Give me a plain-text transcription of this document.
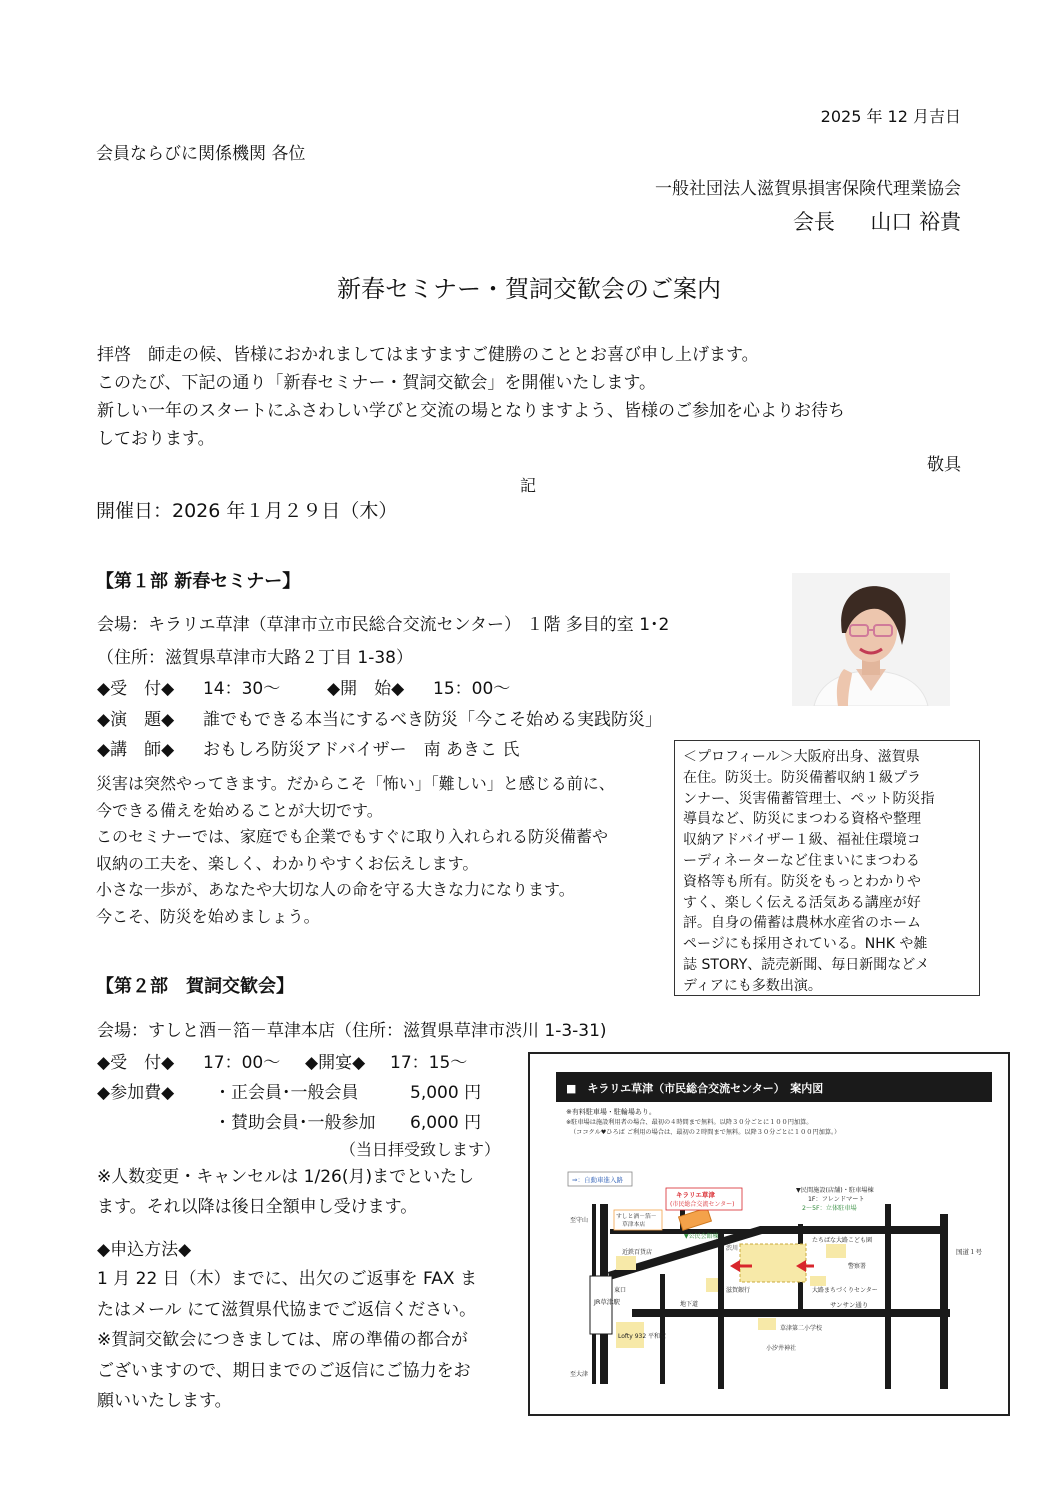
2025 年 12 月吉日
会員ならびに関係機関 各位
一般社団法人滋賀県損害保険代理業協会
会長 山口 裕貴
新春セミナー・賀詞交歓会のご案内

拝啓　師走の候、皆様におかれましてはますますご健勝のこととお喜び申し上げます。

このたび、下記の通り「新春セミナー・賀詞交歓会」を開催いたします。

新しい一年のスタートにふさわしい学びと交流の場となりますよう、皆様のご参加を心よりお待ち

しております。

敬具
記
開催日：2026 年１月２９日（木）
【第１部 新春セミナー】
会場：キラリエ草津（草津市立市民総合交流センター） １階 多目的室 1･2
（住所：滋賀県草津市大路２丁目 1-38）
◆受　付◆ 14：30～	◆開　始◆ 15：00～
◆演　題◆ 誰でもできる本当にするべき防災「今こそ始める実践防災」
◆講　師◆ おもしろ防災アドバイザー　南 あきこ 氏
災害は突然やってきます。だからこそ「怖い」「難しい」と感じる前に、
今できる備えを始めることが大切です。
このセミナーでは、家庭でも企業でもすぐに取り入れられる防災備蓄や
収納の工夫を、楽しく、わかりやすくお伝えします。
小さな一歩が、あなたや大切な人の命を守る大きな力になります。
今こそ、防災を始めましょう。

＜プロフィール＞大阪府出身、滋賀県

在住。防災士。防災備蓄収納１級プラ

ンナー、災害備蓄管理士、ペット防災指

導員など、防災にまつわる資格や整理

収納アドバイザー１級、福祉住環境コ

ーディネーターなど住まいにまつわる

資格等も所有。防災をもっとわかりや

すく、楽しく伝える活気ある講座が好

評。自身の備蓄は農林水産省のホーム

ページにも採用されている。NHK や雑

誌 STORY、読売新聞、毎日新聞などメ

ディアにも多数出演。

【第２部　賀詞交歓会】
会場：すしと酒－箔－草津本店（住所：滋賀県草津市渋川 1-3-31)
◆受　付◆ 17：00～ ◆開宴◆ 17：15～
◆参加費◆ ・正会員･一般会員	5,000 円
・賛助会員･一般参加 6,000 円
（当日拝受致します）
※人数変更・キャンセルは 1/26(月)までといたし
ます。それ以降は後日全額申し受けます。
◆申込方法◆
1 月 22 日（木）までに、出欠のご返事を FAX ま
たはメール にて滋賀県代協までご返信ください。
※賀詞交歓会につきましては、席の準備の都合が
ございますので、期日までのご返信にご協力をお
願いいたします。
■　キラリエ草津（市民総合交流センター）　案内図
※有料駐車場・駐輪場あり。
※駐車場は施設利用者の場合、最初の４時間まで無料。以降３０分ごとに１００円加算。
（ココクル♥ひろば ご利用の場合は、最初の２時間まで無料。以降３０分ごとに１００円加算。）
⇒：自動車進入路
キラリエ草津
(市民総合交流センター)
▼民間施設(店舗)・駐車場棟
1F：フレンドマート
2～5F：立体駐車場
すしと酒－箔－
草津本店
近鉄百貨店
▼公民会館棟
渋川
たちばな大路こども園
警察署
滋賀銀行	大路まちづくりセンター
地下道	サンサン通り
草津第二小学校
小汐井神社
JR草津駅
東口
至守山
至大津
国道１号
Lofty 932 平和堂
